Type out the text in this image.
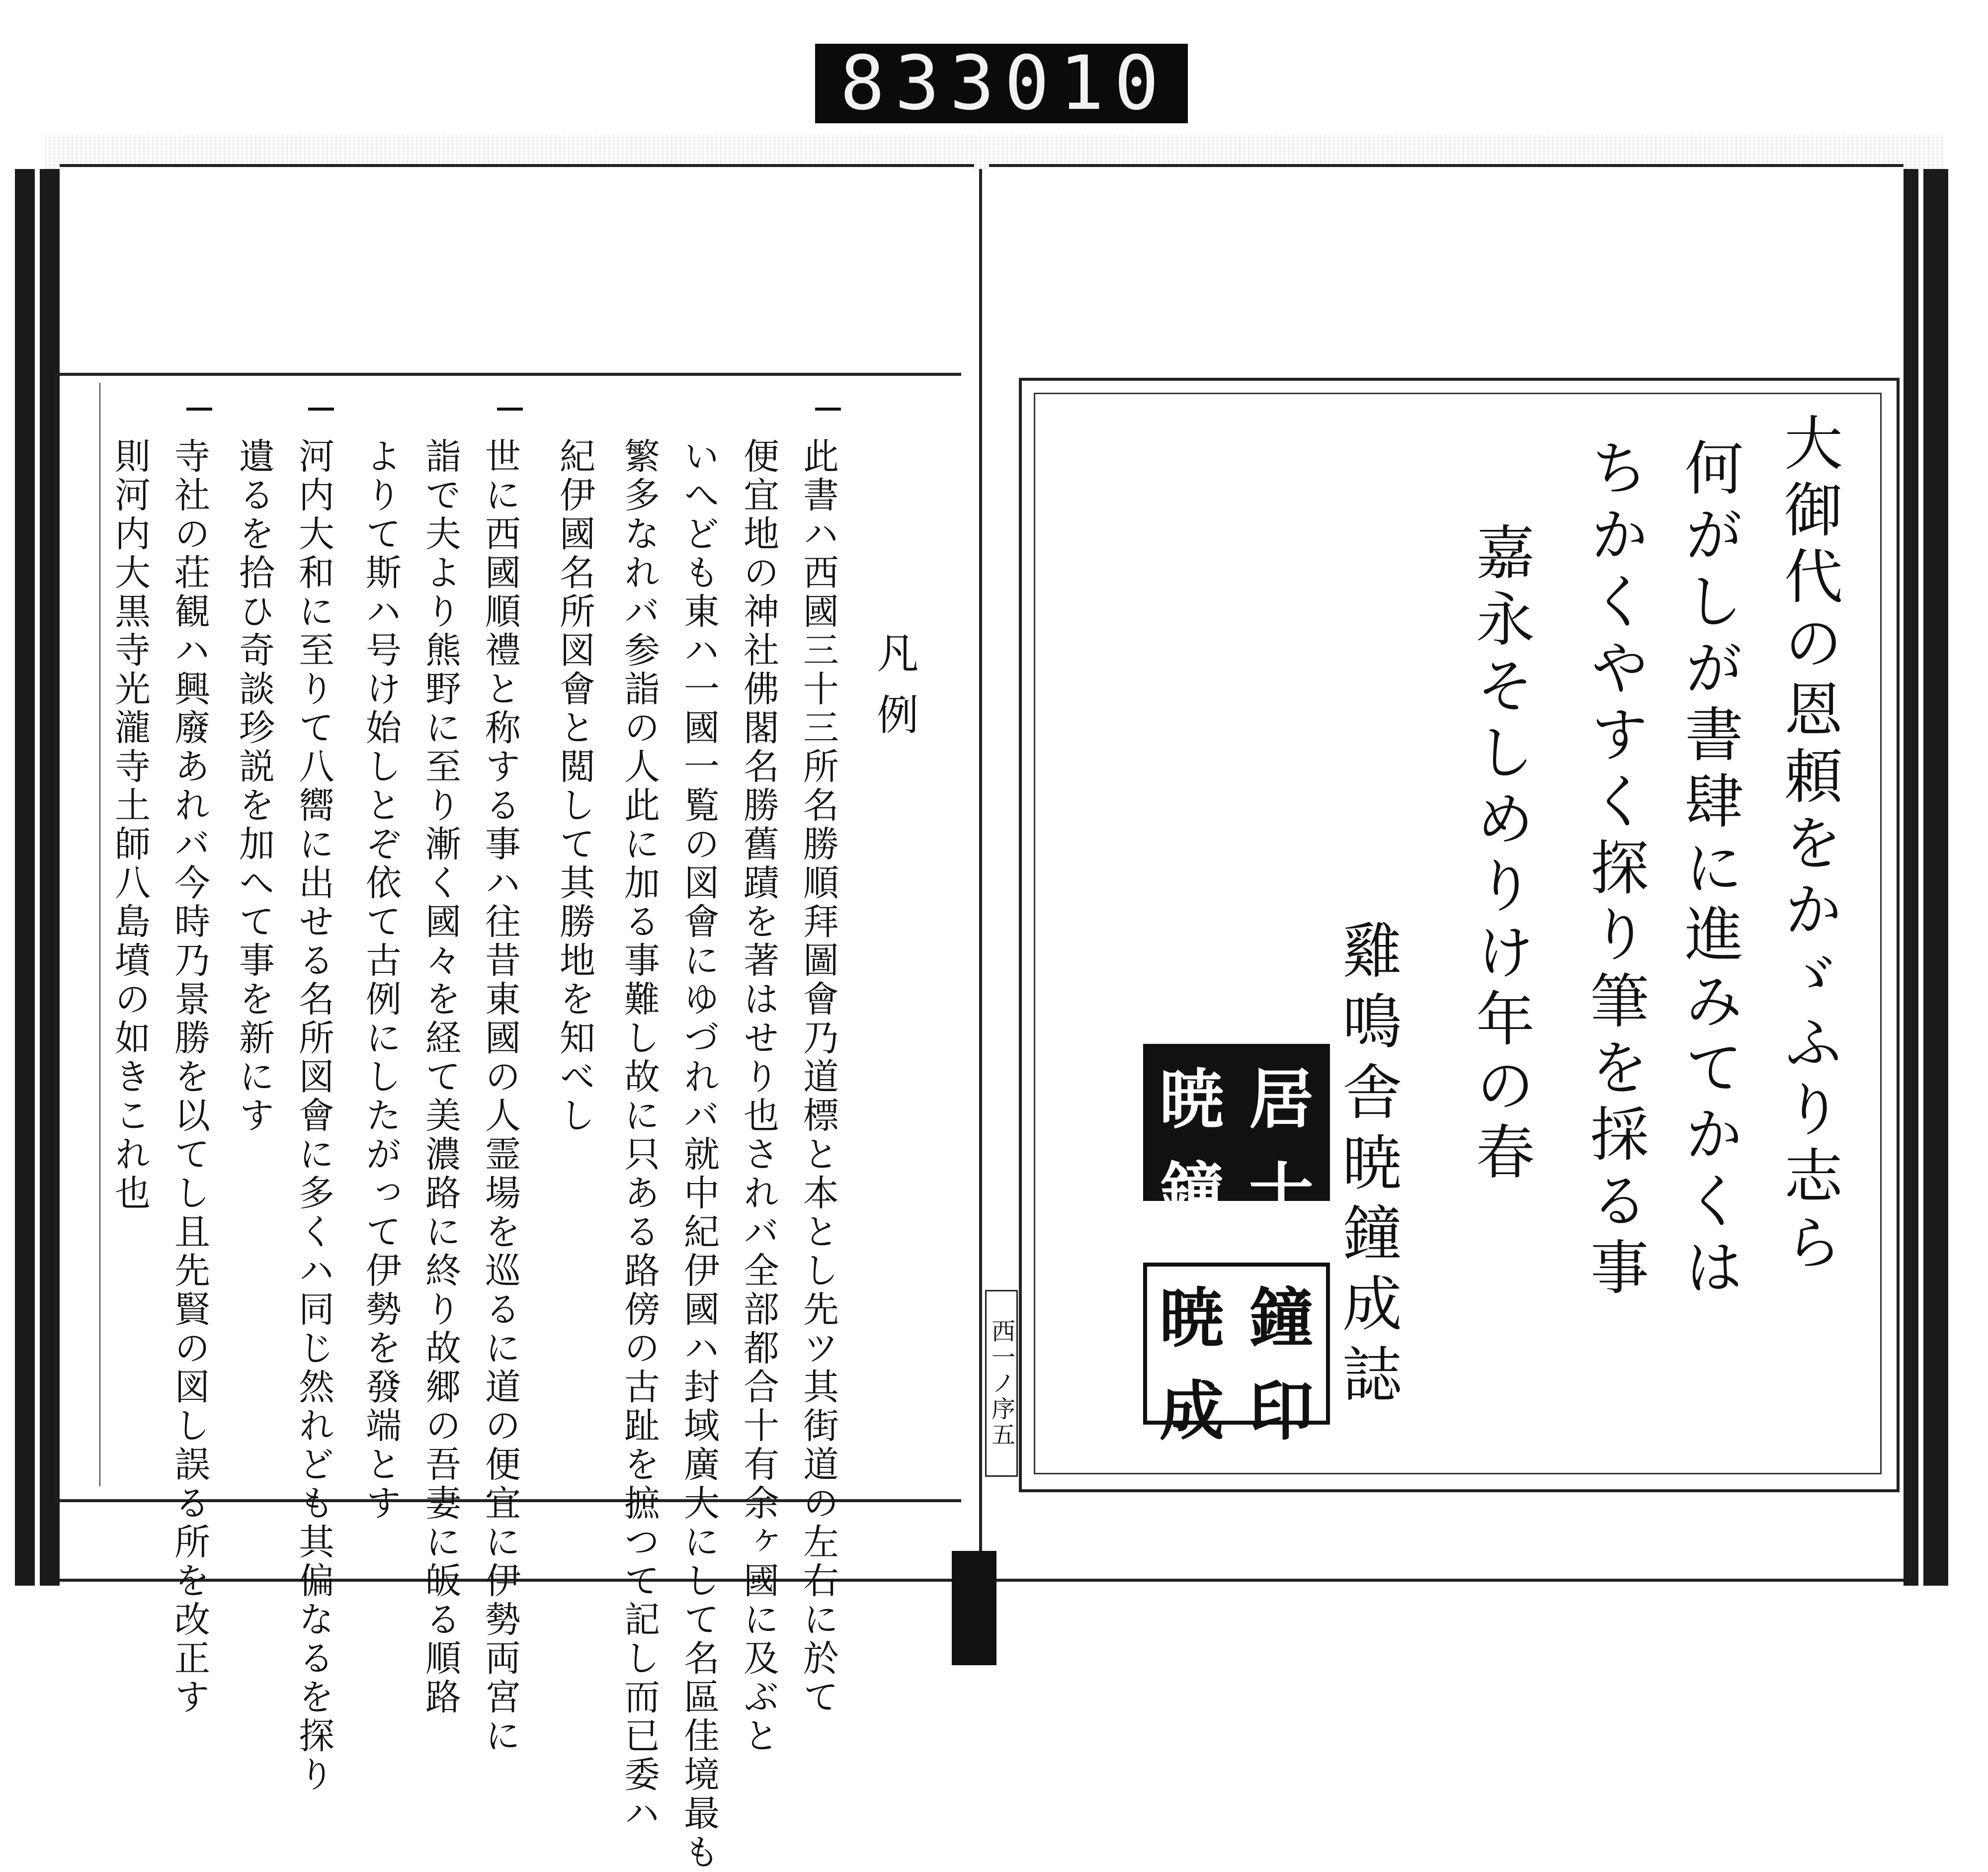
833 010
凡例
此書ハ西國三十三所名勝順拜圖會乃道標と本とし先ツ其街道の左右に於て
便宜地の神社佛閣名勝舊蹟を著はせり也されバ全部都合十有余ヶ國に及ぶと
いへども東ハ一國一覧の図會にゆづれバ就中紀伊國ハ封域廣大にして名區佳境最も
繁多なれバ参詣の人此に加る事難し故に只ある路傍の古趾を摭つて記し而已委ハ
紀伊國名所図會と閲して其勝地を知べし
世に西國順禮と称する事ハ往昔東國の人霊場を巡るに道の便宜に伊勢両宮に
詣で夫より熊野に至り漸く國々を経て美濃路に終り故郷の吾妻に皈る順路
よりて斯ハ号け始しとぞ依て古例にしたがって伊勢を發端とす
河内大和に至りて八嚮に出せる名所図會に多くハ同じ然れども其偏なるを探り
遺るを拾ひ奇談珍説を加へて事を新にす
寺社の荘観ハ興廢あれバ今時乃景勝を以てし且先賢の図し誤る所を改正す
則河内大黒寺光瀧寺土師八島墳の如きこれ也
西一ノ序五
大御代の恩頼をかゞふり志ら
何がしが書肆に進みてかくは
ちかくやすく探り筆を採る事
嘉永そしめりけ年の春
雞鳴舎暁鐘成誌
暁 居
鐘 士
暁 鐘
成 印
